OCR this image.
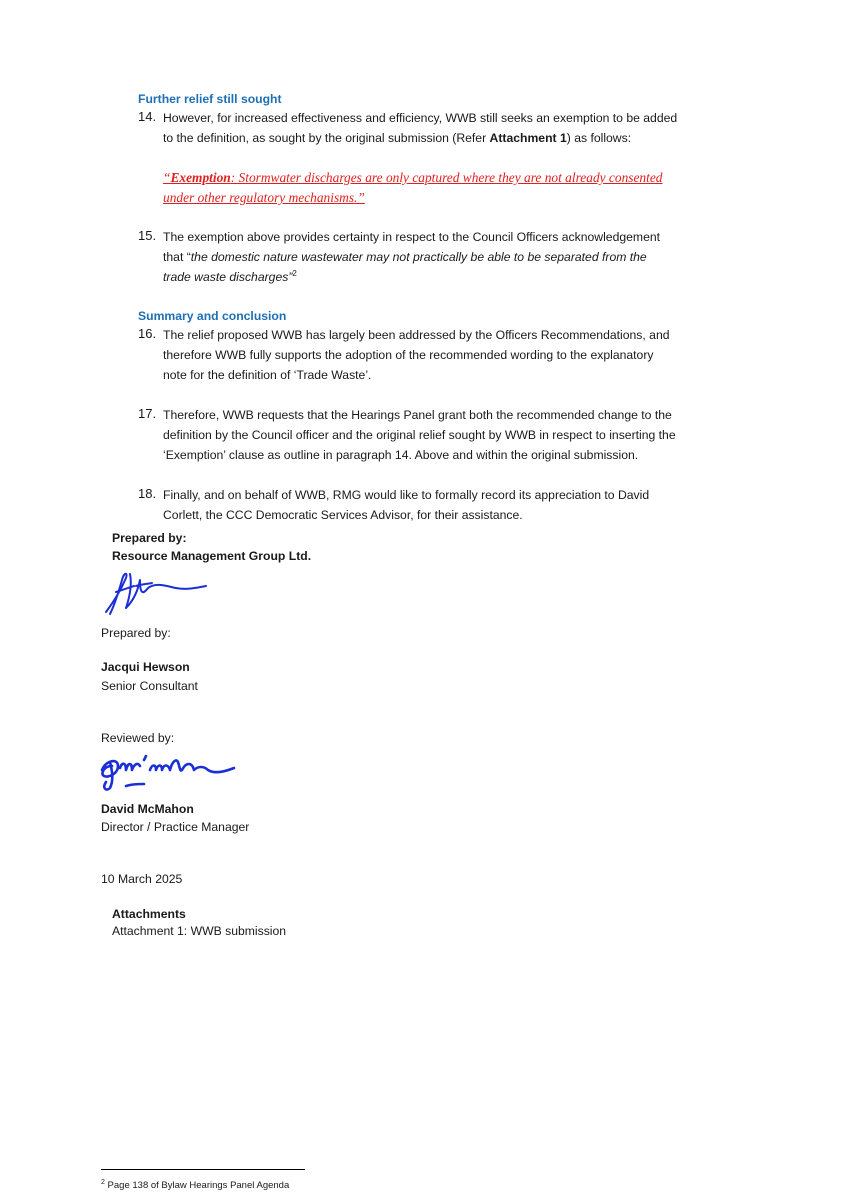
Further relief still sought
14. However, for increased effectiveness and efficiency, WWB still seeks an exemption to be added
to the definition, as sought by the original submission (Refer Attachment 1) as follows:
“Exemption: Stormwater discharges are only captured where they are not already consented
under other regulatory mechanisms.”
15. The exemption above provides certainty in respect to the Council Officers acknowledgement
that “the domestic nature wastewater may not practically be able to be separated from the
trade waste discharges”$^2$
Summary and conclusion
16. The relief proposed WWB has largely been addressed by the Officers Recommendations, and
therefore WWB fully supports the adoption of the recommended wording to the explanatory
note for the definition of ‘Trade Waste’.
17. Therefore, WWB requests that the Hearings Panel grant both the recommended change to the
definition by the Council officer and the original relief sought by WWB in respect to inserting the
‘Exemption’ clause as outline in paragraph 14. Above and within the original submission.
18. Finally, and on behalf of WWB, RMG would like to formally record its appreciation to David
Corlett, the CCC Democratic Services Advisor, for their assistance.
Prepared by:
Resource Management Group Ltd.
Prepared by:
Jacqui Hewson
Senior Consultant
Reviewed by:
David McMahon
Director / Practice Manager
10 March 2025
Attachments
Attachment 1: WWB submission
$^2$ Page 138 of Bylaw Hearings Panel Agenda
